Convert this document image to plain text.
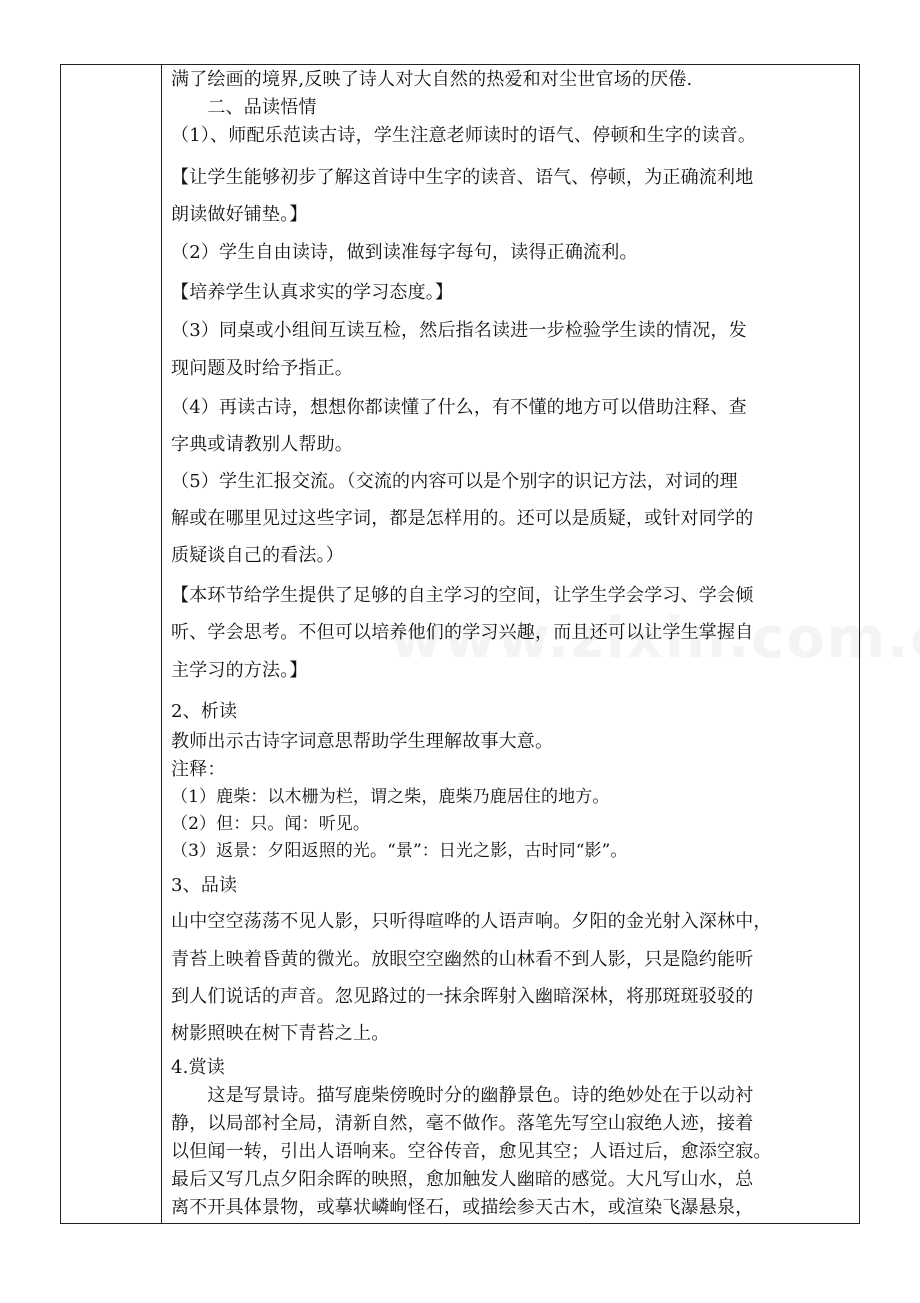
满了绘画的境界,反映了诗人对大自然的热爱和对尘世官场的厌倦.
　　二、品读悟情
（1）、师配乐范读古诗，学生注意老师读时的语气、停顿和生字的读音。
【让学生能够初步了解这首诗中生字的读音、语气、停顿，为正确流利地
朗读做好铺垫。】
（2）学生自由读诗，做到读准每字每句，读得正确流利。
【培养学生认真求实的学习态度。】
（3）同桌或小组间互读互检，然后指名读进一步检验学生读的情况，发
现问题及时给予指正。
（4）再读古诗，想想你都读懂了什么，有不懂的地方可以借助注释、查
字典或请教别人帮助。
（5）学生汇报交流。（交流的内容可以是个别字的识记方法，对词的理
解或在哪里见过这些字词，都是怎样用的。还可以是质疑，或针对同学的
质疑谈自己的看法。）
【本环节给学生提供了足够的自主学习的空间，让学生学会学习、学会倾
听、学会思考。不但可以培养他们的学习兴趣，而且还可以让学生掌握自
主学习的方法。】
2、析读
教师出示古诗字词意思帮助学生理解故事大意。
注释：
（1）鹿柴：以木栅为栏，谓之柴，鹿柴乃鹿居住的地方。
（2）但：只。闻：听见。
（3）返景：夕阳返照的光。“景”：日光之影，古时同“影”。
3、品读
山中空空荡荡不见人影，只听得喧哗的人语声响。夕阳的金光射入深林中，
青苔上映着昏黄的微光。放眼空空幽然的山林看不到人影，只是隐约能听
到人们说话的声音。忽见路过的一抹余晖射入幽暗深林，将那斑斑驳驳的
树影照映在树下青苔之上。
4.赏读
　　这是写景诗。描写鹿柴傍晚时分的幽静景色。诗的绝妙处在于以动衬
静，以局部衬全局，清新自然，毫不做作。落笔先写空山寂绝人迹，接着
以但闻一转，引出人语响来。空谷传音，愈见其空；人语过后，愈添空寂。
最后又写几点夕阳余晖的映照，愈加触发人幽暗的感觉。大凡写山水，总
离不开具体景物，或摹状嶙峋怪石，或描绘参天古木，或渲染飞瀑悬泉，
